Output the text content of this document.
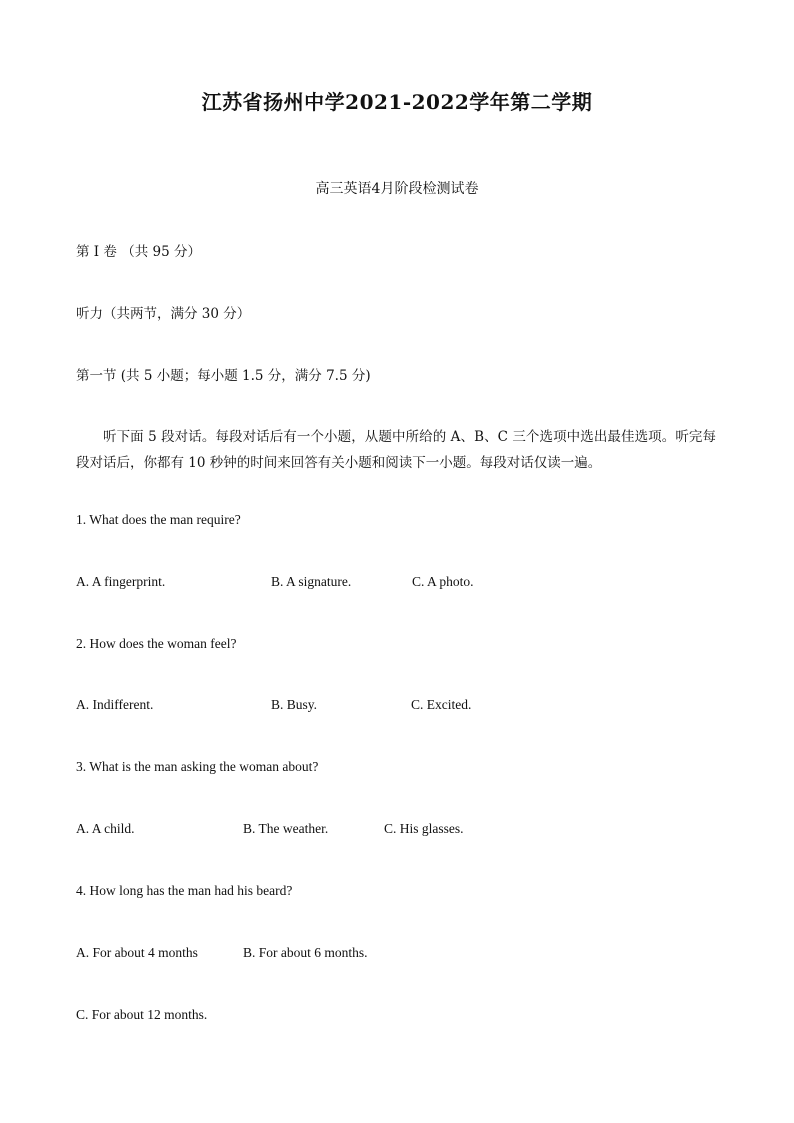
江苏省扬州中学2021-2022学年第二学期
高三英语4月阶段检测试卷
第 I 卷 （共 95 分）
听力（共两节，满分 30 分）
第一节 (共 5 小题；每小题 1.5 分，满分 7.5 分)
听下面 5 段对话。每段对话后有一个小题，从题中所给的 A、B、C 三个选项中选出最佳选项。听完每段对话后，你都有 10 秒钟的时间来回答有关小题和阅读下一小题。每段对话仅读一遍。
1. What does the man require?
A. A fingerprint.	B. A signature.	C. A photo.
2. How does the woman feel?
A. Indifferent.	B. Busy.	C. Excited.
3. What is the man asking the woman about?
A. A child.	B. The weather.	C. His glasses.
4. How long has the man had his beard?
A. For about 4 months	B. For about 6 months.
C. For about 12 months.
